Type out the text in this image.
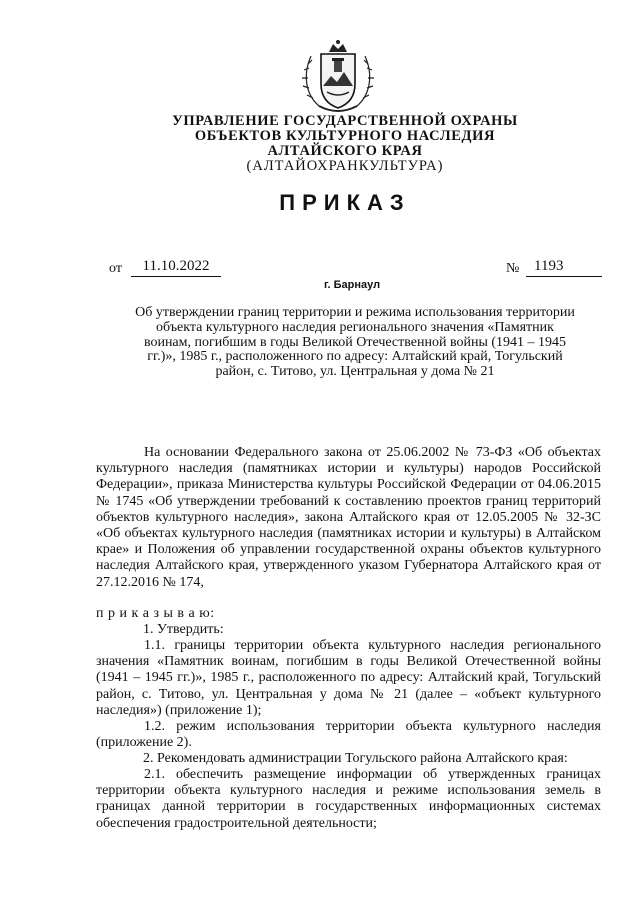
УПРАВЛЕНИЕ ГОСУДАРСТВЕННОЙ ОХРАНЫ
ОБЪЕКТОВ КУЛЬТУРНОГО НАСЛЕДИЯ
АЛТАЙСКОГО КРАЯ
(АЛТАЙОХРАНКУЛЬТУРА)
ПРИКАЗ
от	11.10.2022	№ 1193
г. Барнаул
Об утверждении границ территории и режима использования территории объекта культурного наследия регионального значения «Памятник воинам, погибшим в годы Великой Отечественной войны (1941 – 1945 гг.)», 1985 г., расположенного по адресу: Алтайский край, Тогульский район, с. Титово, ул. Центральная у дома № 21

На основании Федерального закона от 25.06.2002 № 73-ФЗ «Об объектах культурного наследия (памятниках истории и культуры) народов Российской Федерации», приказа Министерства культуры Российской Федерации от 04.06.2015 № 1745 «Об утверждении требований к составлению проектов границ территорий объектов культурного наследия», закона Алтайского края от 12.05.2005 № 32-ЗС «Об объектах культурного наследия (памятниках истории и культуры) в Алтайском крае» и Положения об управлении государственной охраны объектов культурного наследия Алтайского края, утвержденного указом Губернатора Алтайского края от 27.12.2016 № 174,

п р и к а з ы в а ю:
1. Утвердить:

1.1. границы территории объекта культурного наследия регионального значения «Памятник воинам, погибшим в годы Великой Отечественной войны (1941 – 1945 гг.)», 1985 г., расположенного по адресу: Алтайский край, Тогульский район, с. Титово, ул. Центральная у дома № 21 (далее – «объект культурного наследия») (приложение 1);

1.2. режим использования территории объекта культурного наследия (приложение 2).

2. Рекомендовать администрации Тогульского района Алтайского края:

2.1. обеспечить размещение информации об утвержденных границах территории объекта культурного наследия и режиме использования земель в границах данной территории в государственных информационных системах обеспечения градостроительной деятельности;
